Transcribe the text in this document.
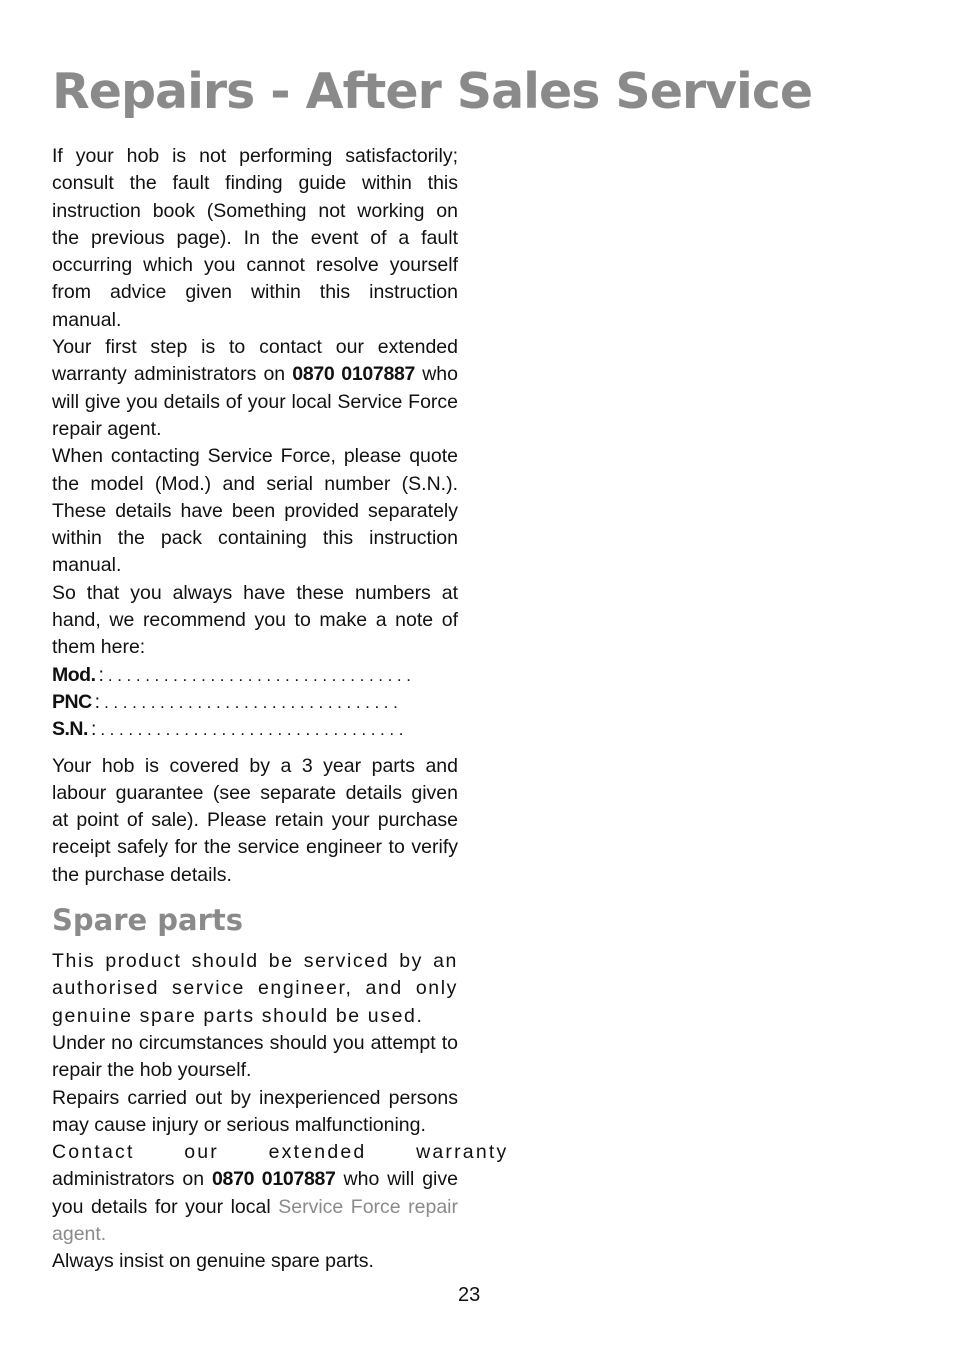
Repairs - After Sales Service

If your hob is not performing satisfactorily; consult the fault finding guide within this instruction book (Something not working on the previous page). In the event of a fault occurring which you cannot resolve yourself from advice given within this instruction manual.

Your first step is to contact our extended warranty administrators on 0870 0107887 who will give you details of your local Service Force repair agent.

When contacting Service Force, please quote the model (Mod.) and serial number (S.N.). These details have been provided separately within the pack containing this instruction manual.

So that you always have these numbers at hand, we recommend you to make a note of them here:

Mod. : .................................
PNC : ................................
S.N. : .................................

Your hob is covered by a 3 year parts and labour guarantee (see separate details given at point of sale). Please retain your purchase receipt safely for the service engineer to verify the purchase details.

Spare parts

This product should be serviced by an authorised service engineer, and only genuine spare parts should be used.

Under no circumstances should you attempt to repair the hob yourself.

Repairs carried out by inexperienced persons may cause injury or serious malfunctioning.

Contact our extended warranty

administrators on 0870 0107887 who will give you details for your local Service Force repair agent.

Always insist on genuine spare parts.

23
